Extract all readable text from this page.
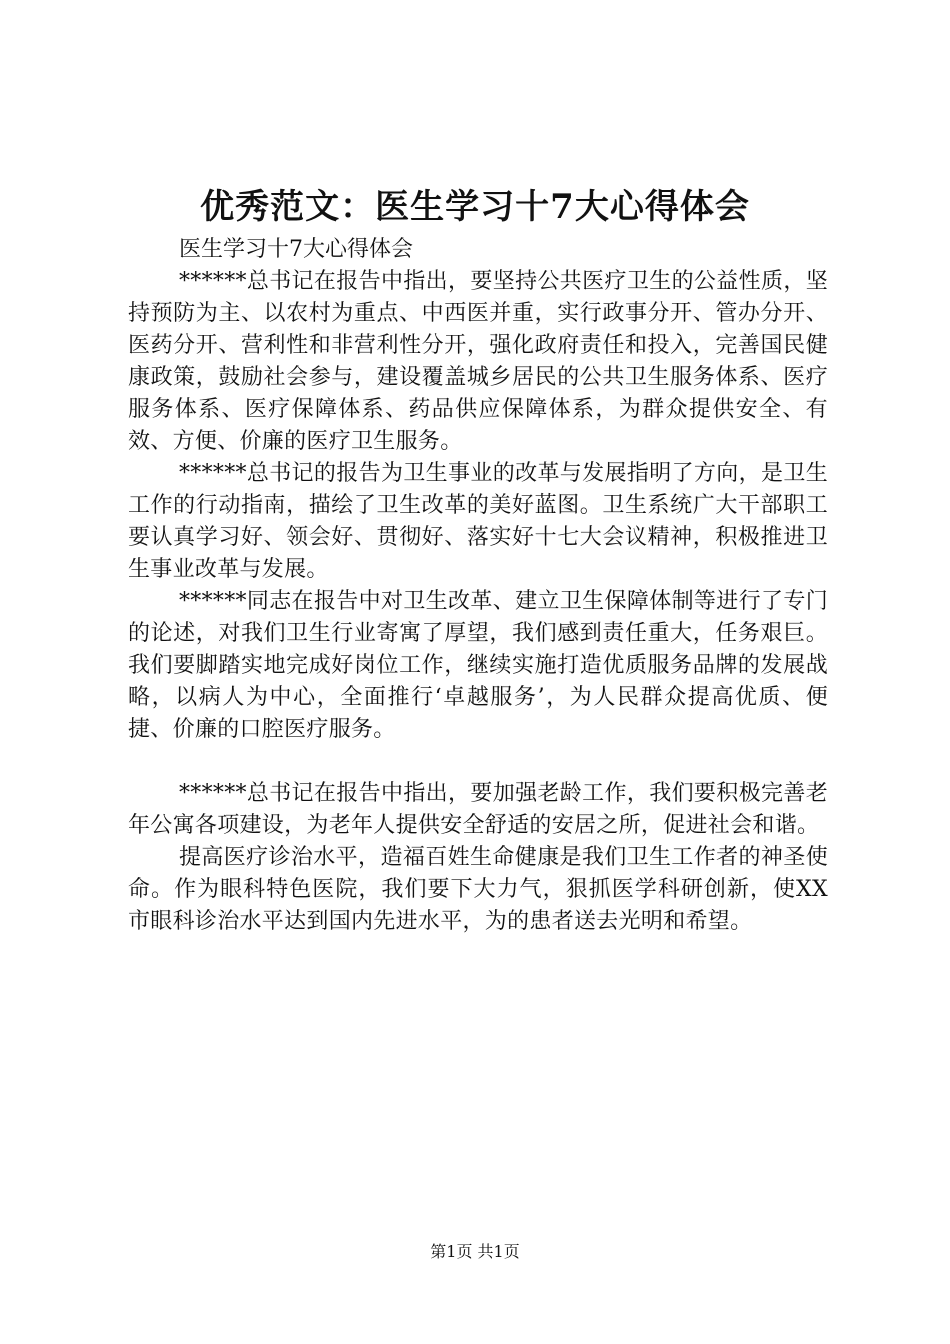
优秀范文：医生学习十7大心得体会

医生学习十7大心得体会

******总书记在报告中指出，要坚持公共医疗卫生的公益性质，坚持预防为主、以农村为重点、中西医并重，实行政事分开、管办分开、医药分开、营利性和非营利性分开，强化政府责任和投入，完善国民健康政策，鼓励社会参与，建设覆盖城乡居民的公共卫生服务体系、医疗服务体系、医疗保障体系、药品供应保障体系，为群众提供安全、有效、方便、价廉的医疗卫生服务。

******总书记的报告为卫生事业的改革与发展指明了方向，是卫生工作的行动指南，描绘了卫生改革的美好蓝图。卫生系统广大干部职工要认真学习好、领会好、贯彻好、落实好十七大会议精神，积极推进卫生事业改革与发展。

******同志在报告中对卫生改革、建立卫生保障体制等进行了专门的论述，对我们卫生行业寄寓了厚望，我们感到责任重大，任务艰巨。我们要脚踏实地完成好岗位工作，继续实施打造优质服务品牌的发展战略，以病人为中心，全面推行‘卓越服务’，为人民群众提高优质、便捷、价廉的口腔医疗服务。

******总书记在报告中指出，要加强老龄工作，我们要积极完善老年公寓各项建设，为老年人提供安全舒适的安居之所，促进社会和谐。

提高医疗诊治水平，造福百姓生命健康是我们卫生工作者的神圣使命。作为眼科特色医院，我们要下大力气，狠抓医学科研创新，使XX市眼科诊治水平达到国内先进水平，为的患者送去光明和希望。

第1页 共1页
